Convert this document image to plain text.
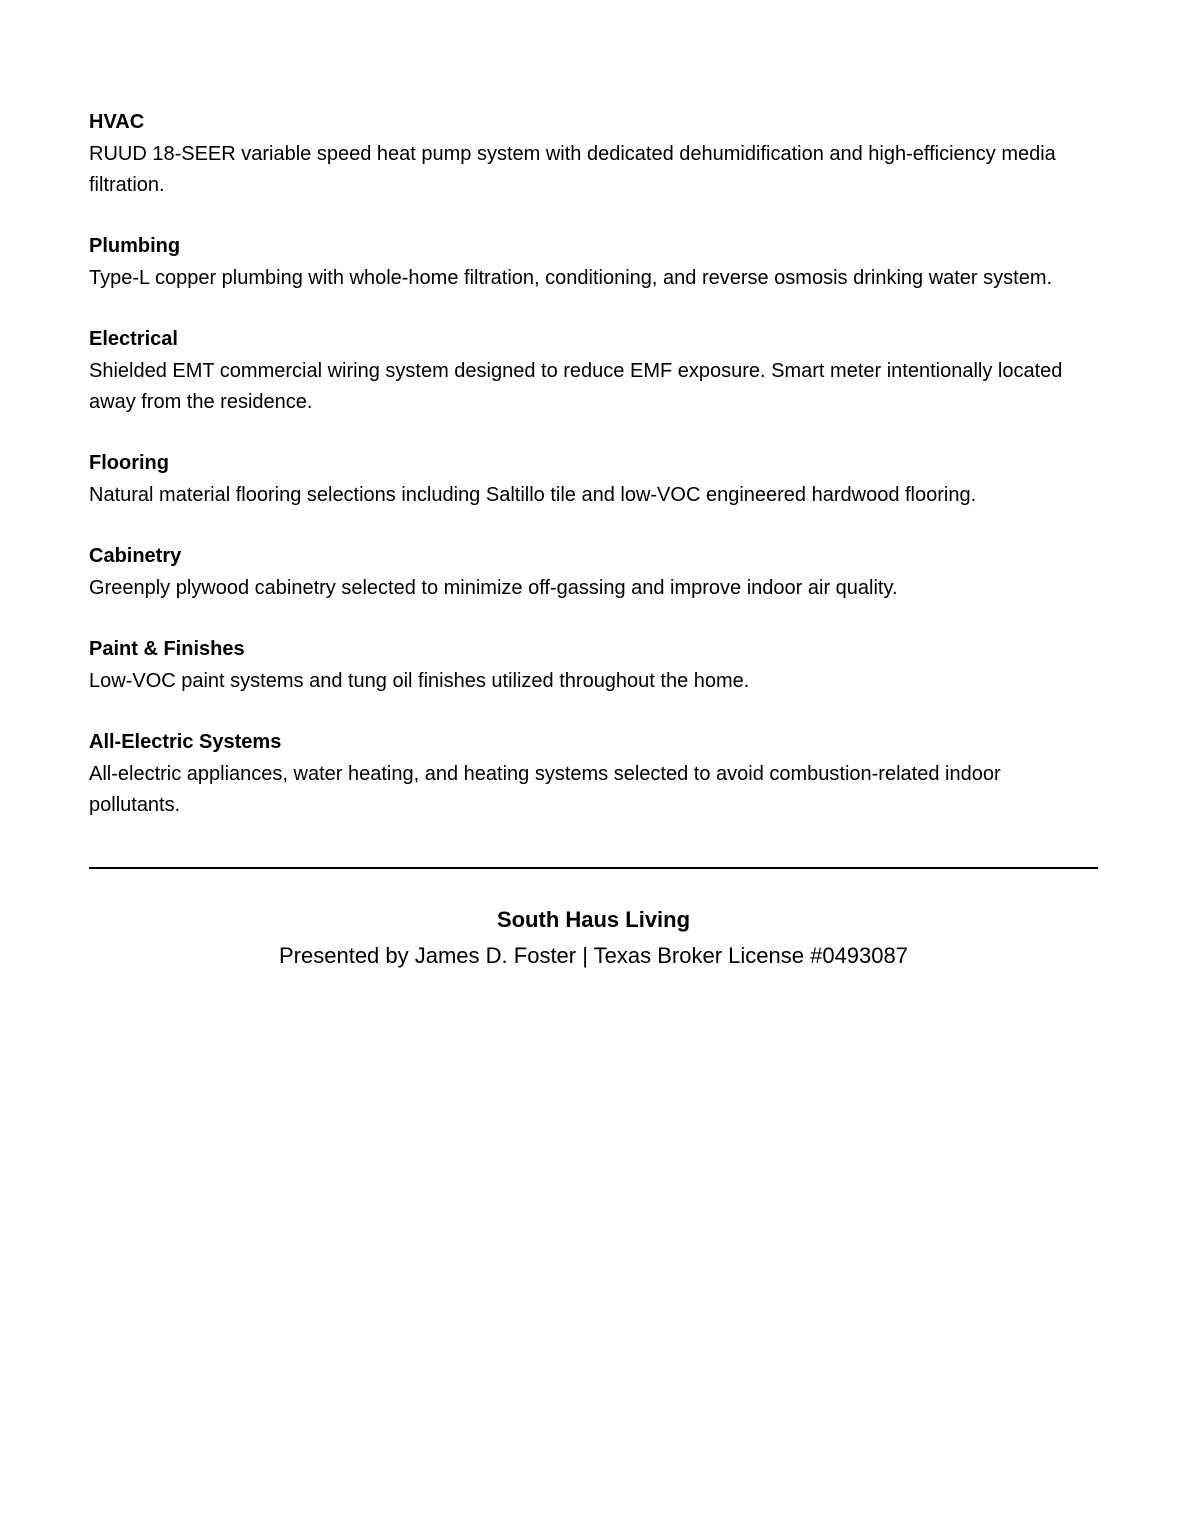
HVAC

RUUD 18-SEER variable speed heat pump system with dedicated dehumidification and high-efficiency media filtration.

Plumbing

Type-L copper plumbing with whole-home filtration, conditioning, and reverse osmosis drinking water system.

Electrical

Shielded EMT commercial wiring system designed to reduce EMF exposure. Smart meter intentionally located away from the residence.

Flooring

Natural material flooring selections including Saltillo tile and low-VOC engineered hardwood flooring.

Cabinetry

Greenply plywood cabinetry selected to minimize off-gassing and improve indoor air quality.

Paint & Finishes

Low-VOC paint systems and tung oil finishes utilized throughout the home.

All-Electric Systems

All-electric appliances, water heating, and heating systems selected to avoid combustion-related indoor pollutants.

South Haus Living
Presented by James D. Foster | Texas Broker License #0493087
